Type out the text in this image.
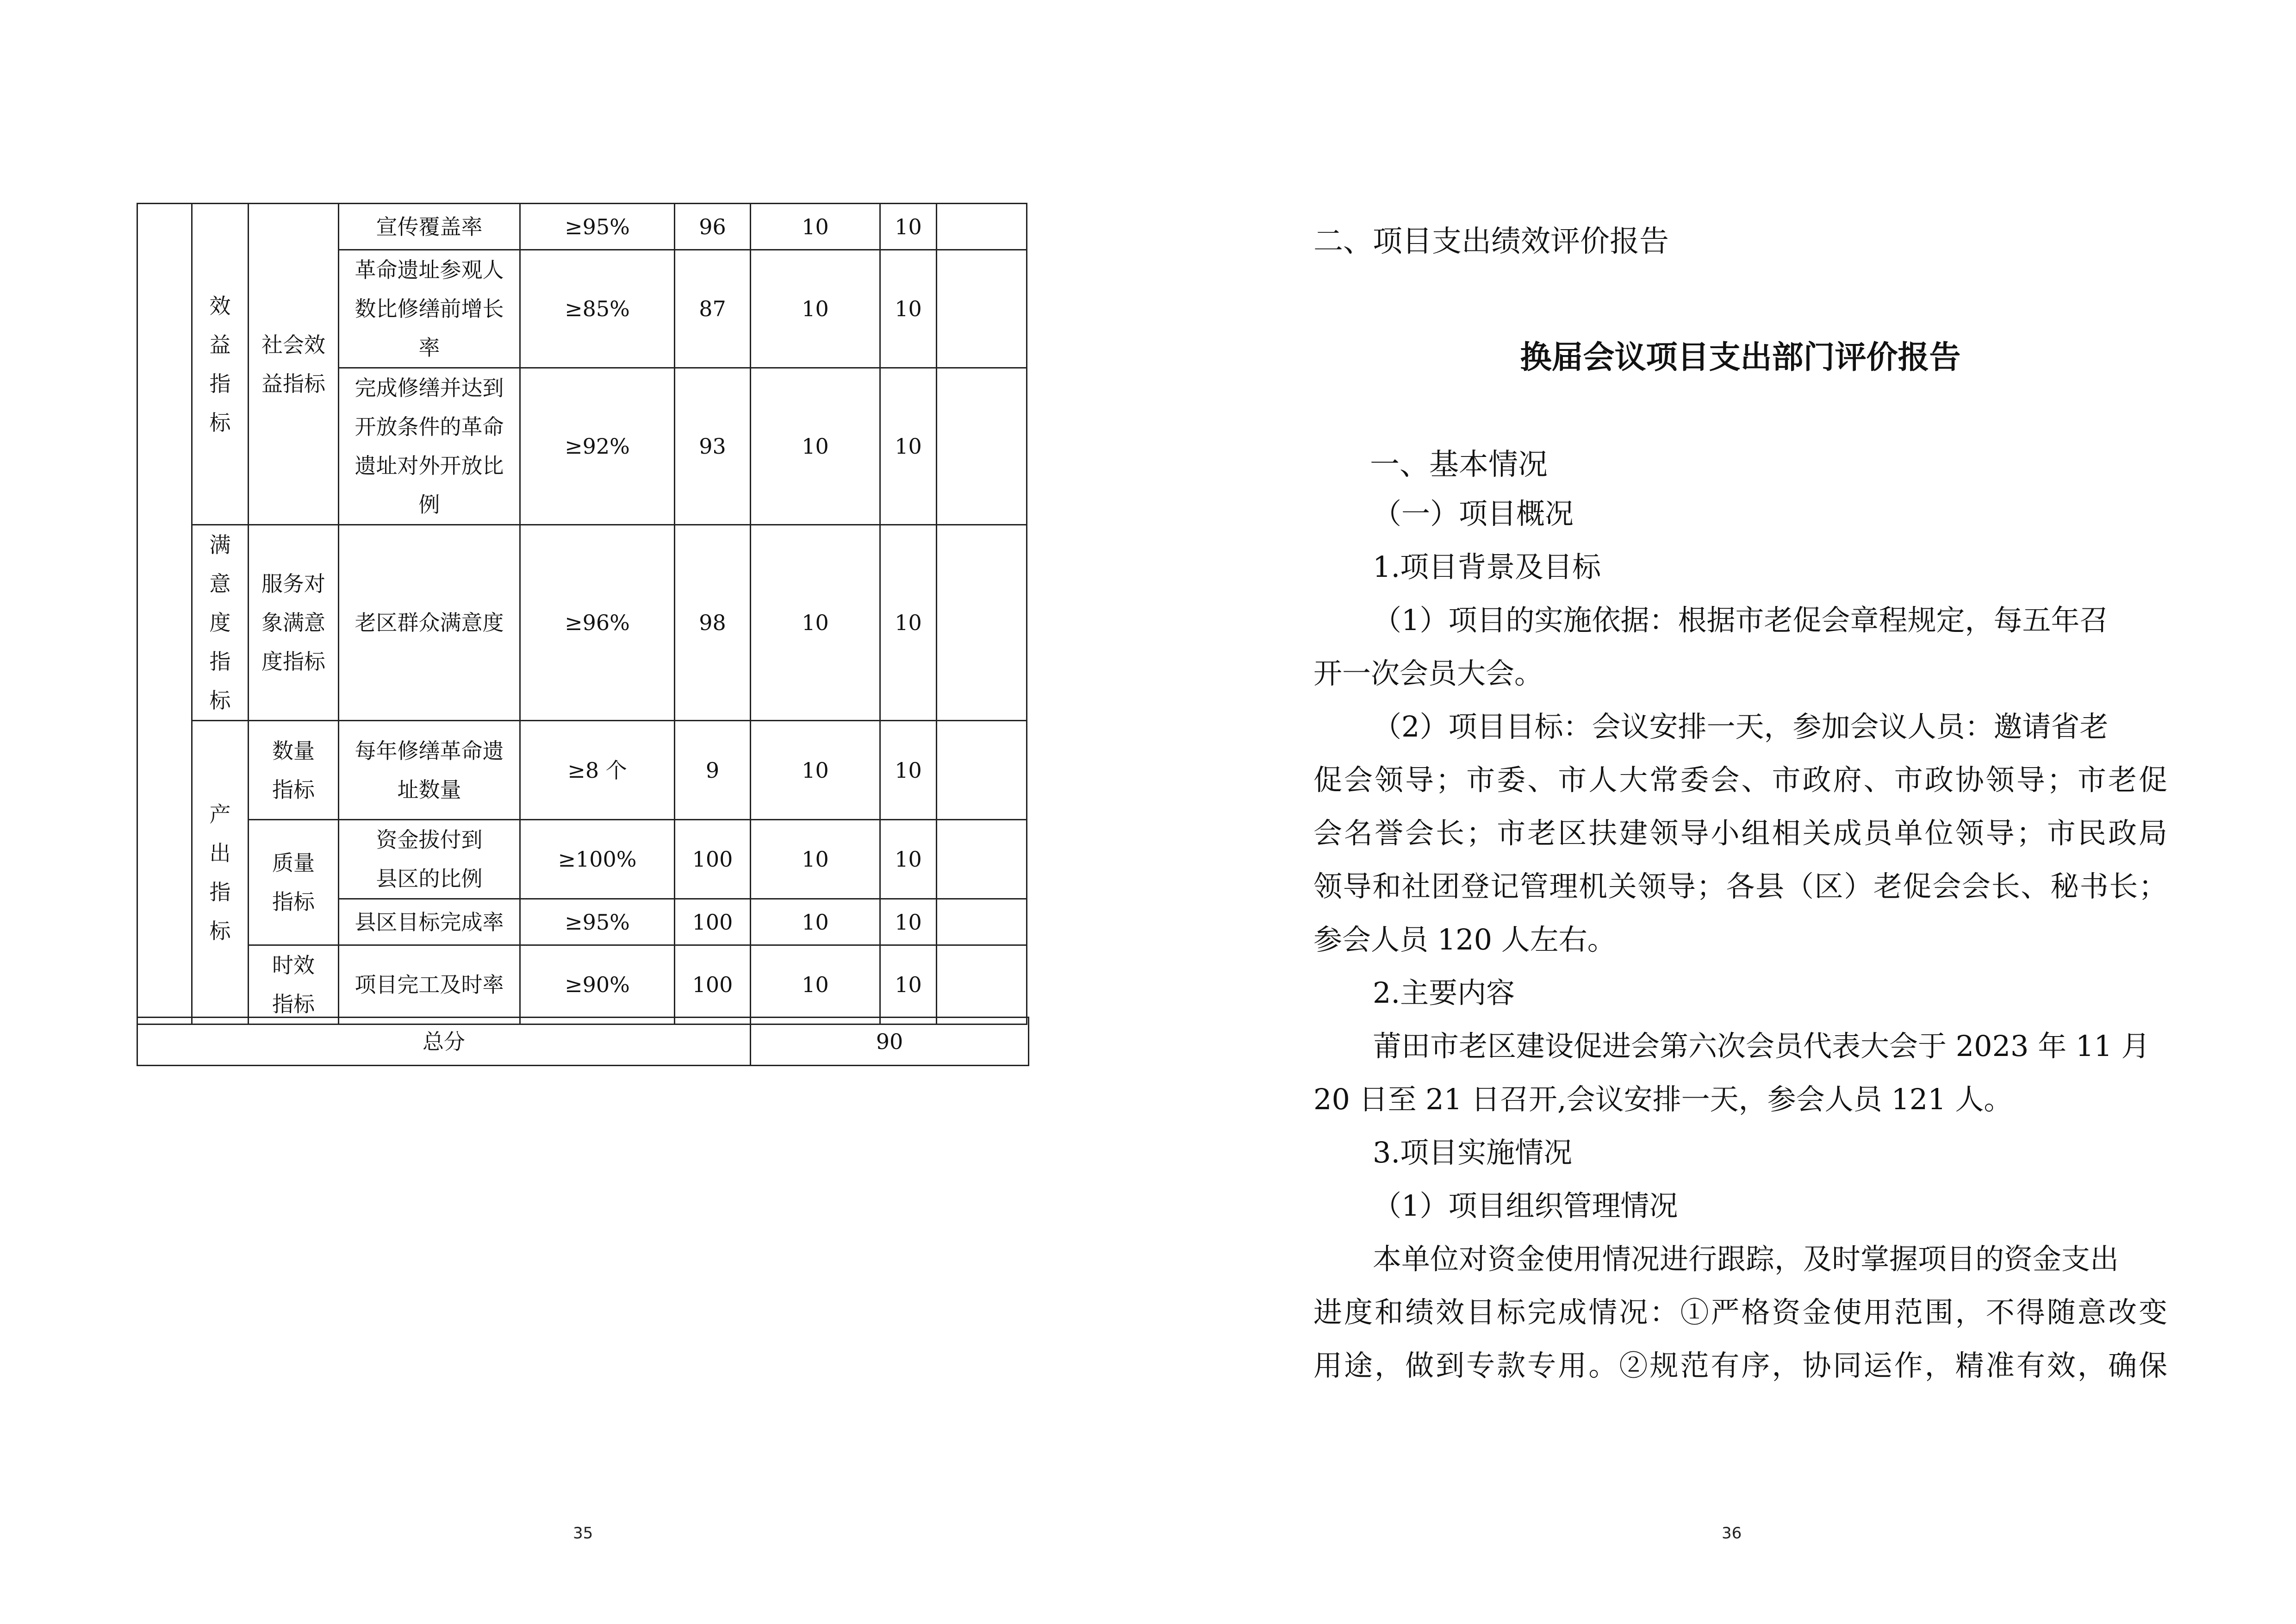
	效益指标	社会效益指标	宣传覆盖率	≥95%	96	10	10	
			革命遗址参观人数比修缮前增长率	≥85%	87	10	10	
			完成修缮并达到开放条件的革命遗址对外开放比例	≥92%	93	10	10	
	满意度指标	服务对象满意度指标	老区群众满意度	≥96%	98	10	10	
	产出指标	数量指标	每年修缮革命遗址数量	≥8 个	9	10	10	
		质量指标	资金拔付到县区的比例	≥100%	100	10	10	
			县区目标完成率	≥95%	100	10	10	
		时效指标	项目完工及时率	≥90%	100	10	10	
总分	90
35
二、项目支出绩效评价报告
换届会议项目支出部门评价报告
一、基本情况
（一）项目概况
1.项目背景及目标
（1）项目的实施依据：根据市老促会章程规定，每五年召
开一次会员大会。
（2）项目目标：会议安排一天，参加会议人员：邀请省老
促会领导；市委、市人大常委会、市政府、市政协领导；市老促
会名誉会长；市老区扶建领导小组相关成员单位领导；市民政局
领导和社团登记管理机关领导；各县（区）老促会会长、秘书长；
参会人员 120 人左右。
2.主要内容
莆田市老区建设促进会第六次会员代表大会于 2023 年 11 月
20 日至 21 日召开,会议安排一天，参会人员 121 人。
3.项目实施情况
（1）项目组织管理情况
本单位对资金使用情况进行跟踪，及时掌握项目的资金支出
进度和绩效目标完成情况：①严格资金使用范围，不得随意改变
用途，做到专款专用。②规范有序，协同运作，精准有效，确保
36
